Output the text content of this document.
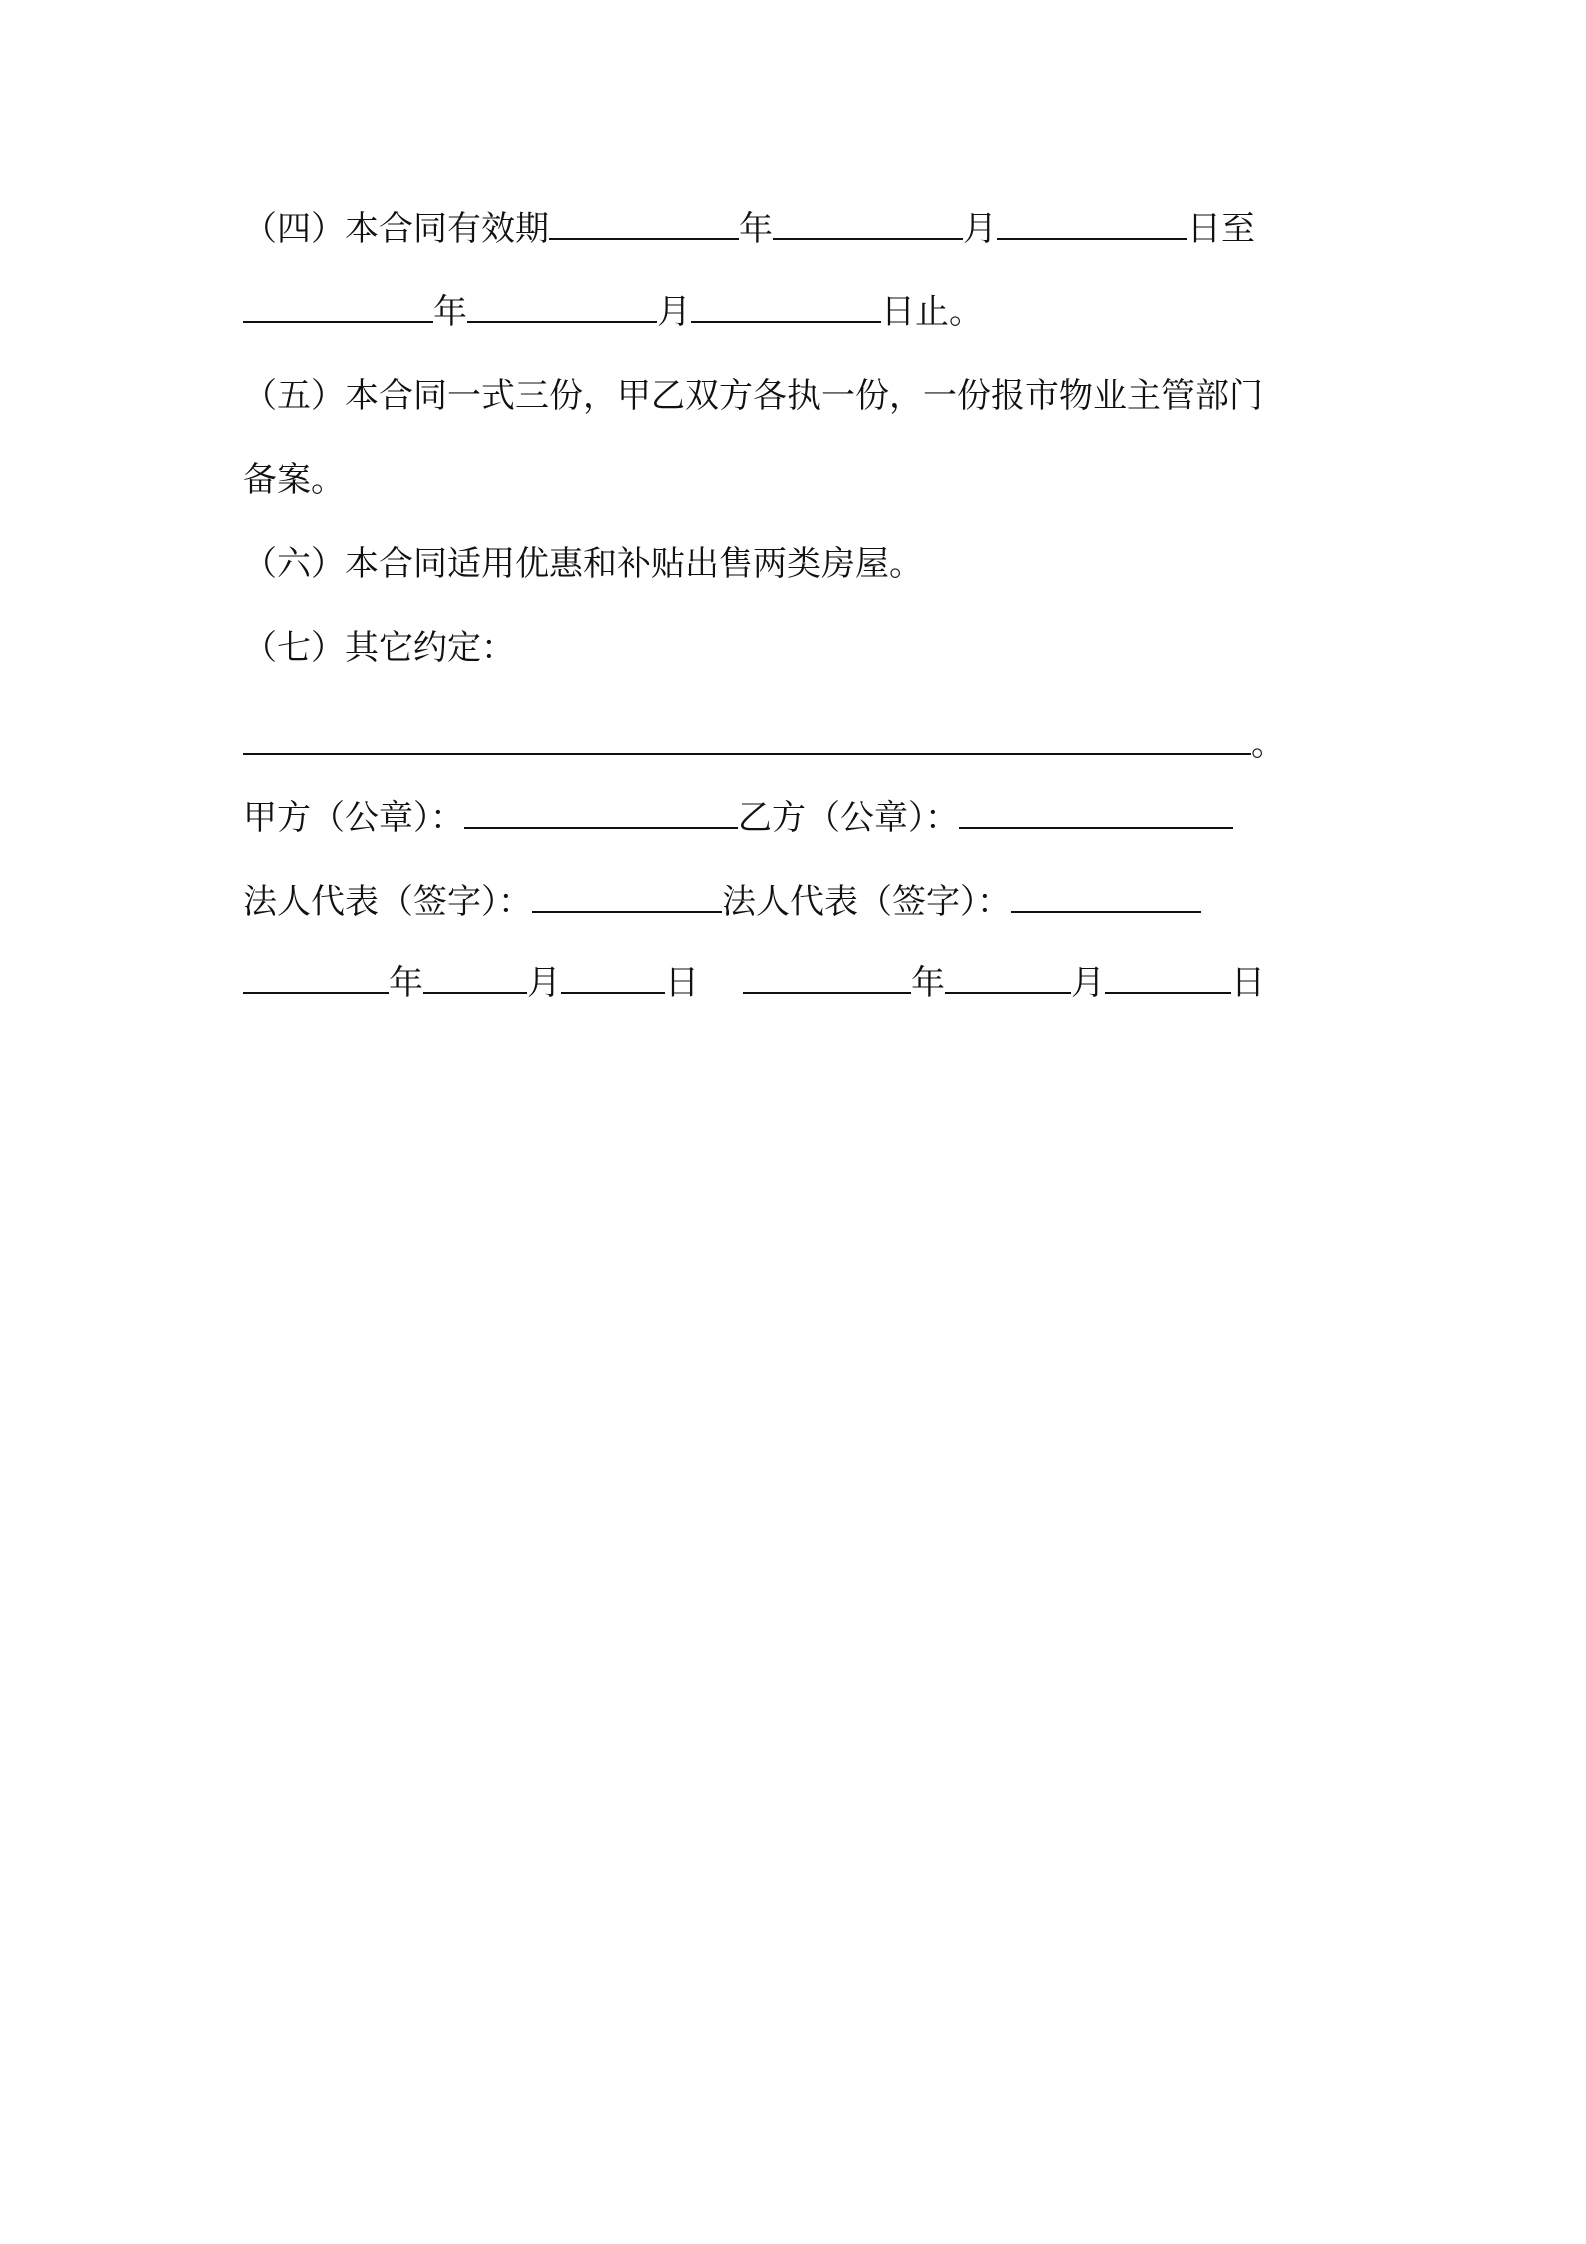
（四）本合同有效期	年	月	日至
年	月	日止。
（五）本合同一式三份，甲乙双方各执一份，一份报市物业主管部门
备案。
（六）本合同适用优惠和补贴出售两类房屋。
（七）其它约定：
。
甲方（公章）：	乙方（公章）：
法人代表（签字）：	法人代表（签字）：
年	月	日	年	月	日
